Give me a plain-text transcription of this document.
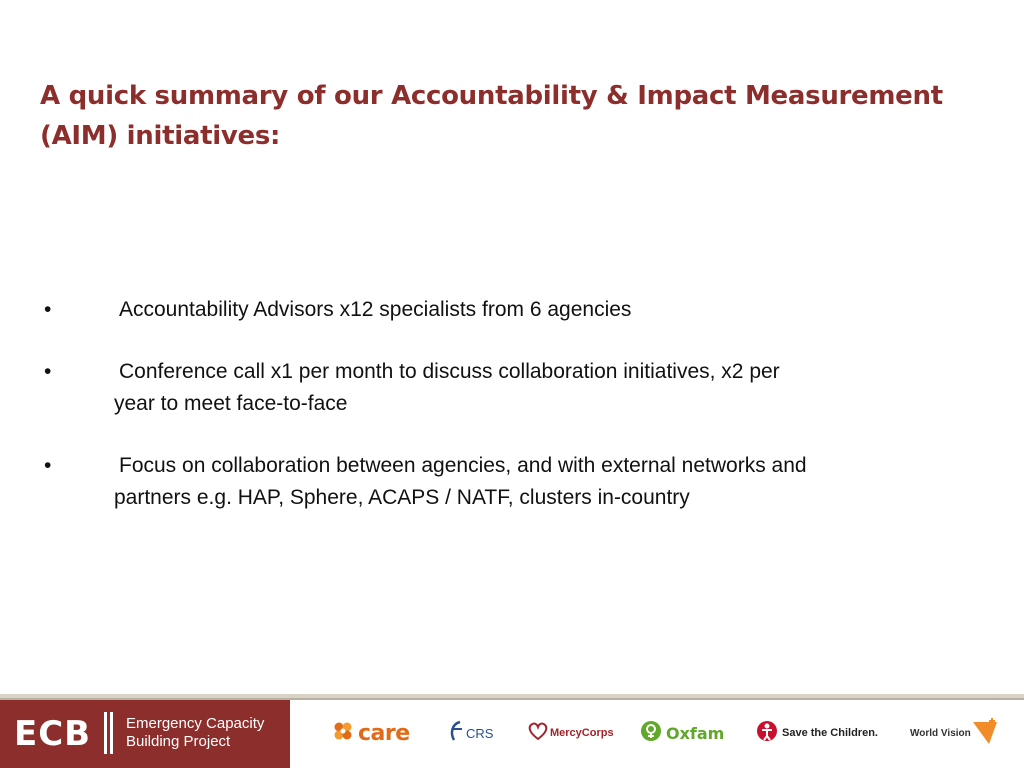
A quick summary of our Accountability & Impact Measurement
(AIM) initiatives:
•	Accountability Advisors x12 specialists from 6 agencies
•	Conference call x1 per month to discuss collaboration initiatives, x2 per
year to meet face-to-face
•	Focus on collaboration between agencies, and with external networks and
partners e.g. HAP, Sphere, ACAPS / NATF, clusters in-country
ECB Emergency Capacity
Building Project	care	CRS	MercyCorps	Oxfam	Save the Children.	World Vision
